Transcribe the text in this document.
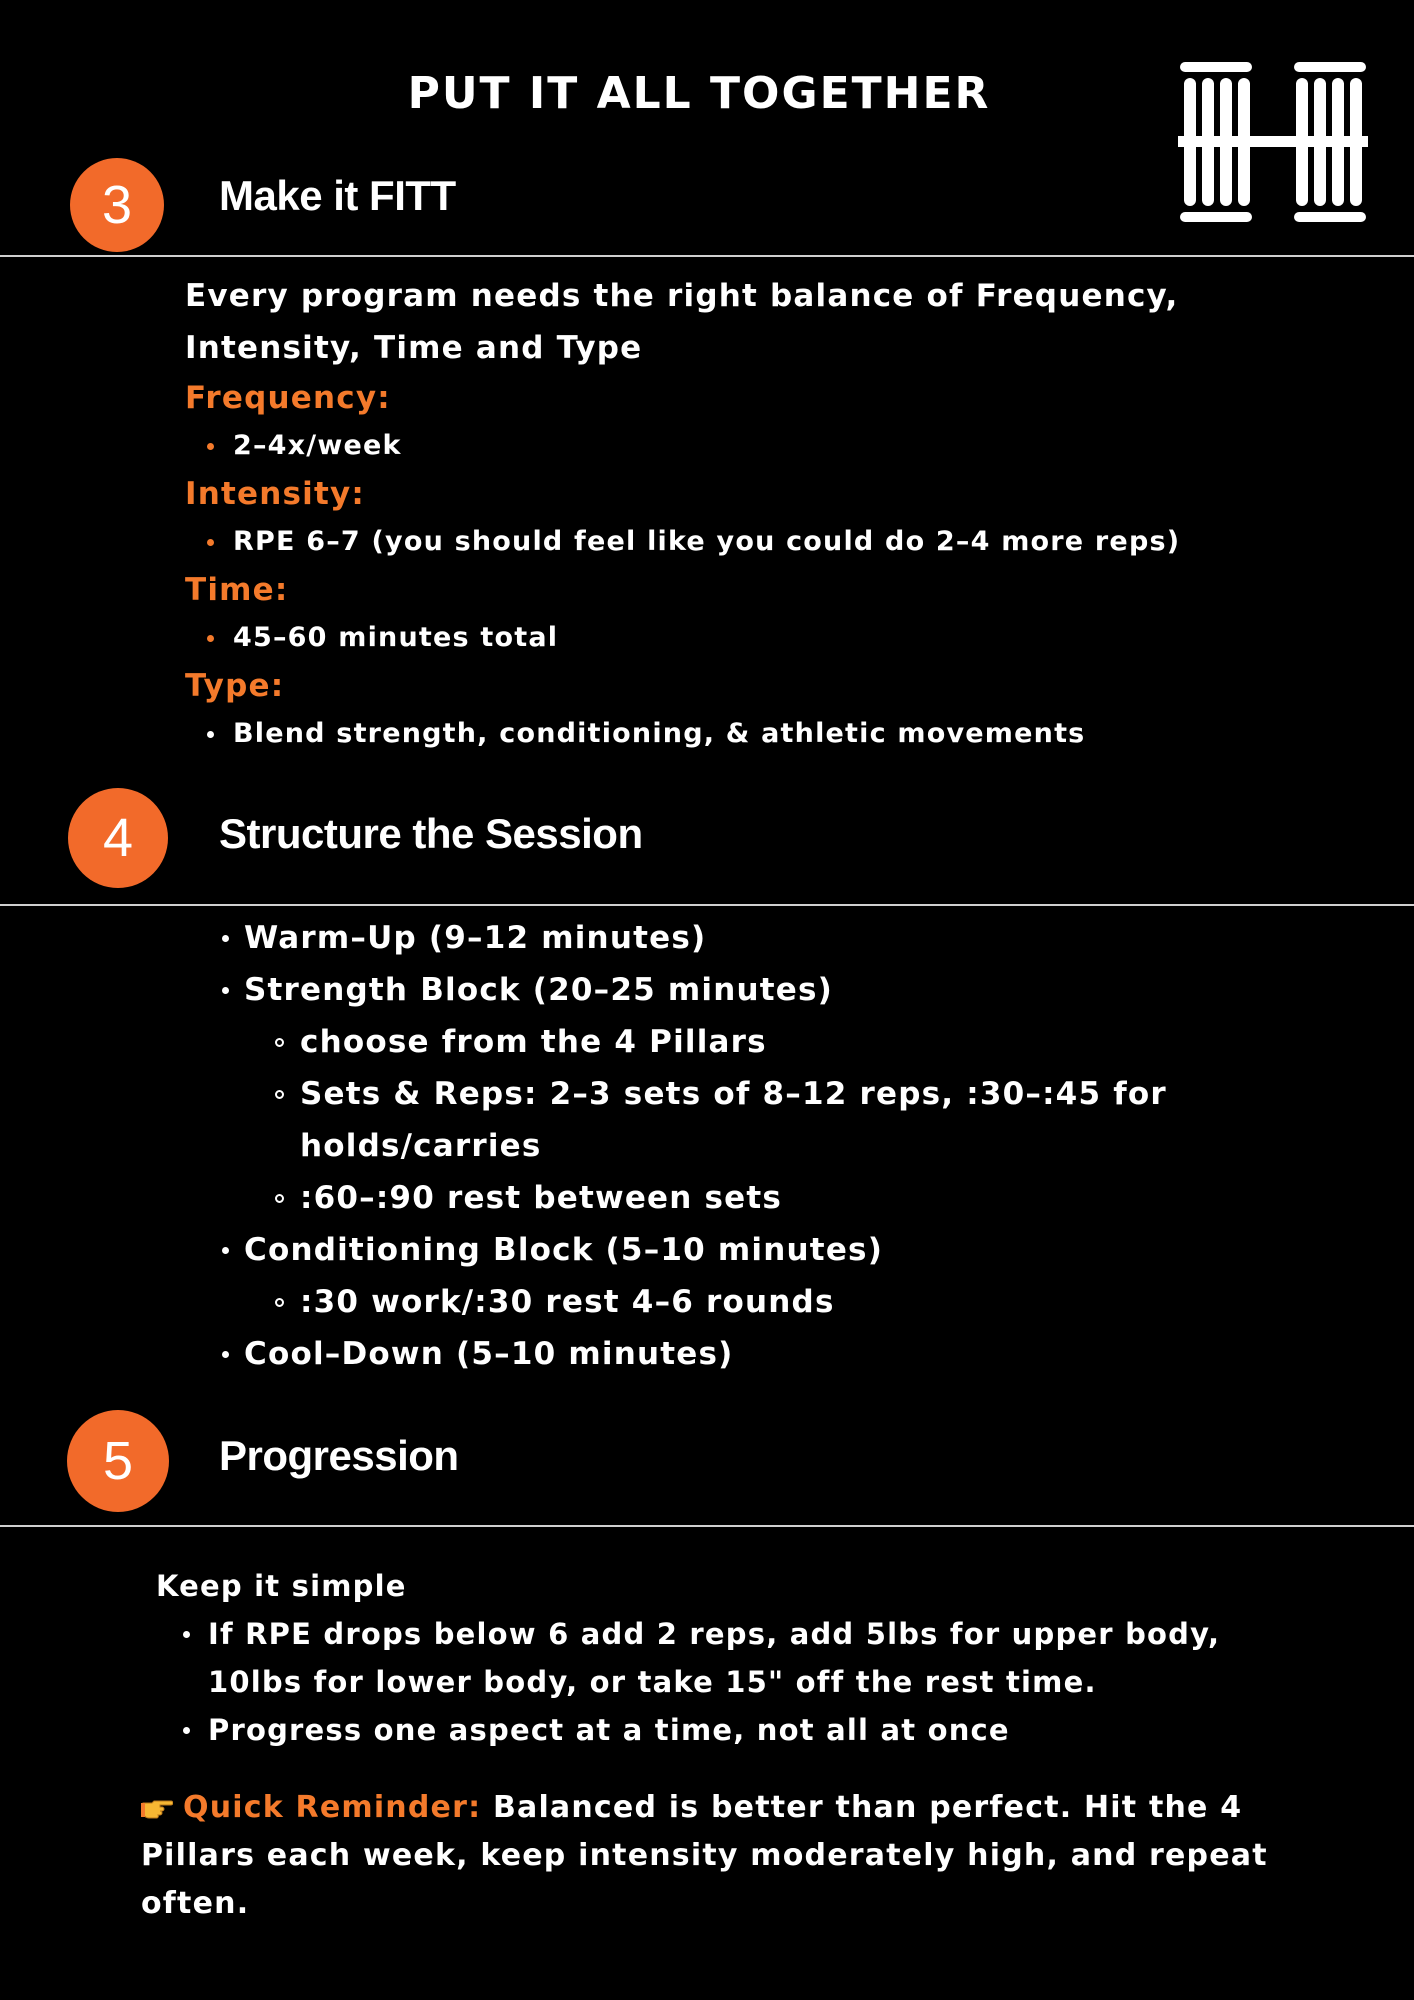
PUT IT ALL TOGETHER
3	Make it FITT

Every program needs the right balance of Frequency, Intensity, Time and Type

Frequency:

2–4x/week

Intensity:

RPE 6–7 (you should feel like you could do 2–4 more reps)

Time:

45–60 minutes total

Type:

Blend strength, conditioning, & athletic movements
4	Structure the Session
Warm–Up (9–12 minutes)
Strength Block (20–25 minutes)
choose from the 4 Pillars
Sets & Reps: 2–3 sets of 8–12 reps, :30–:45 for holds/carries
:60–:90 rest between sets
Conditioning Block (5–10 minutes)
:30 work/:30 rest 4–6 rounds
Cool–Down (5–10 minutes)
5	Progression

Keep it simple

If RPE drops below 6 add 2 reps, add 5lbs for upper body, 10lbs for lower body, or take 15" off the rest time.
Progress one aspect at a time, not all at once

Quick Reminder: Balanced is better than perfect. Hit the 4 Pillars each week, keep intensity moderately high, and repeat often.
